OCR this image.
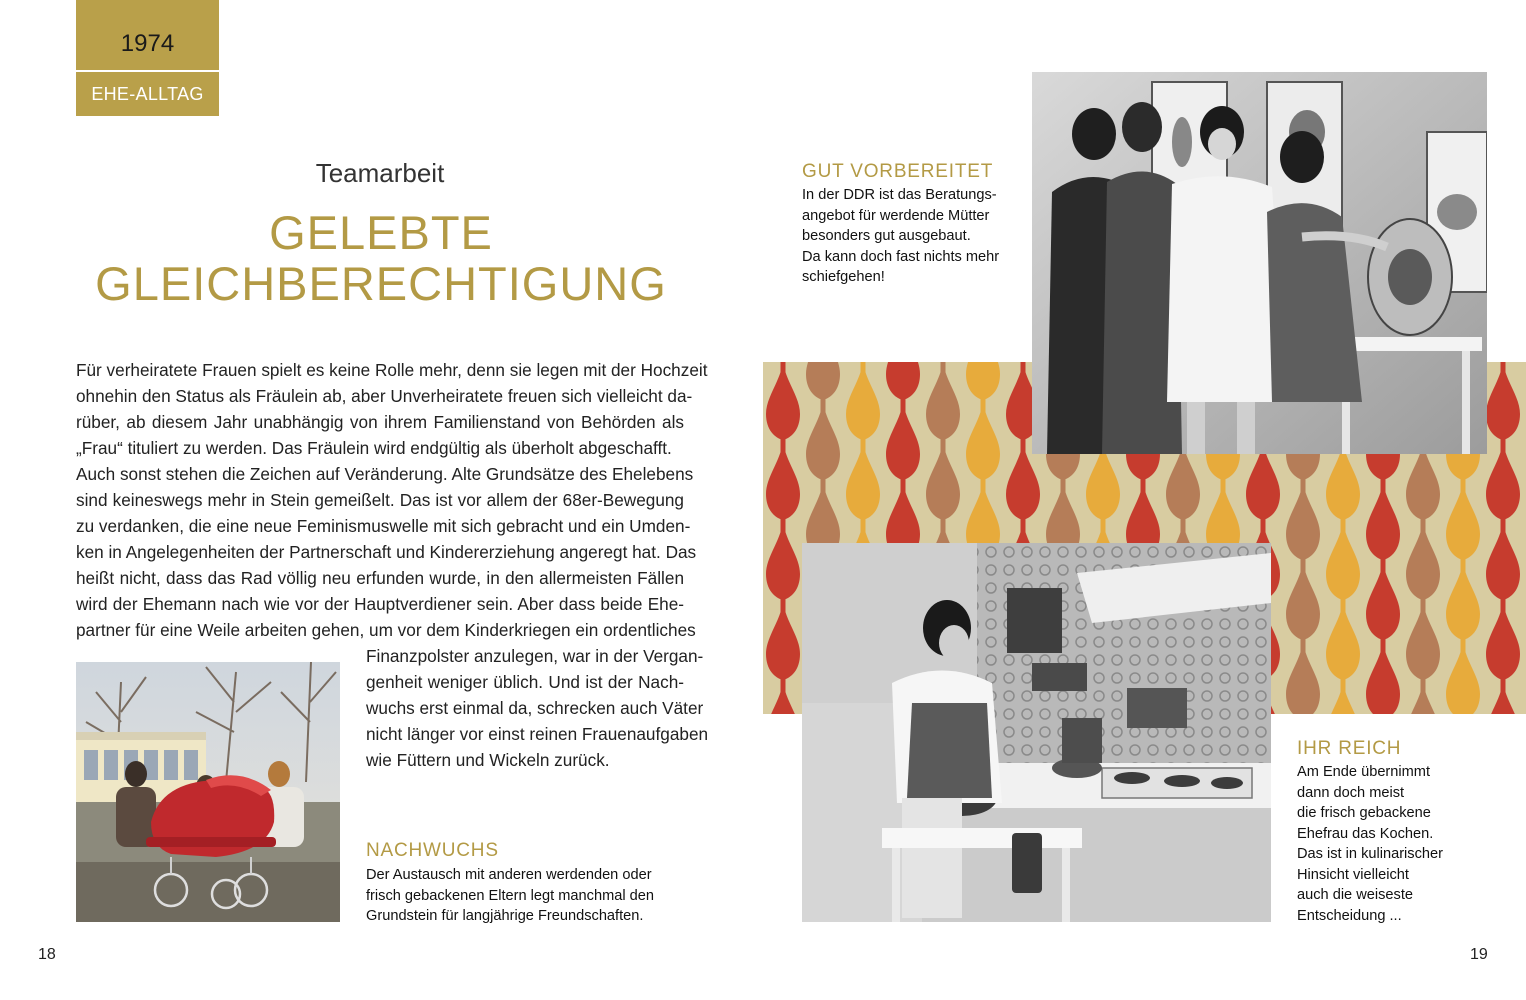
1974
EHE-ALLTAG
Teamarbeit
GELEBTE
GLEICHBERECHTIGUNG
Für verheiratete Frauen spielt es keine Rolle mehr, denn sie legen mit der Hochzeit
ohnehin den Status als Fräulein ab, aber Unverheiratete freuen sich vielleicht da-
rüber, ab diesem Jahr unabhängig von ihrem Familienstand von Behörden als
„Frau“ tituliert zu werden. Das Fräulein wird endgültig als überholt abgeschafft.
Auch sonst stehen die Zeichen auf Veränderung. Alte Grundsätze des Ehelebens
sind keineswegs mehr in Stein gemeißelt. Das ist vor allem der 68er-Bewegung
zu verdanken, die eine neue Feminismuswelle mit sich gebracht und ein Umden-
ken in Angelegenheiten der Partnerschaft und Kindererziehung angeregt hat. Das
heißt nicht, dass das Rad völlig neu erfunden wurde, in den allermeisten Fällen
wird der Ehemann nach wie vor der Hauptverdiener sein. Aber dass beide Ehe-
partner für eine Weile arbeiten gehen, um vor dem Kinderkriegen ein ordentliches
Finanzpolster anzulegen, war in der Vergan-
genheit weniger üblich. Und ist der Nach-
wuchs erst einmal da, schrecken auch Väter
nicht länger vor einst reinen Frauenaufgaben
wie Füttern und Wickeln zurück.
NACHWUCHS
Der Austausch mit anderen werdenden oder
frisch gebackenen Eltern legt manchmal den
Grundstein für langjährige Freundschaften.
18
GUT VORBEREITET
In der DDR ist das Beratungs-
angebot für werdende Mütter
besonders gut ausgebaut.
Da kann doch fast nichts mehr
schiefgehen!
IHR REICH
Am Ende übernimmt
dann doch meist
die frisch gebackene
Ehefrau das Kochen.
Das ist in kulinarischer
Hinsicht vielleicht
auch die weiseste
Entscheidung ...
19
